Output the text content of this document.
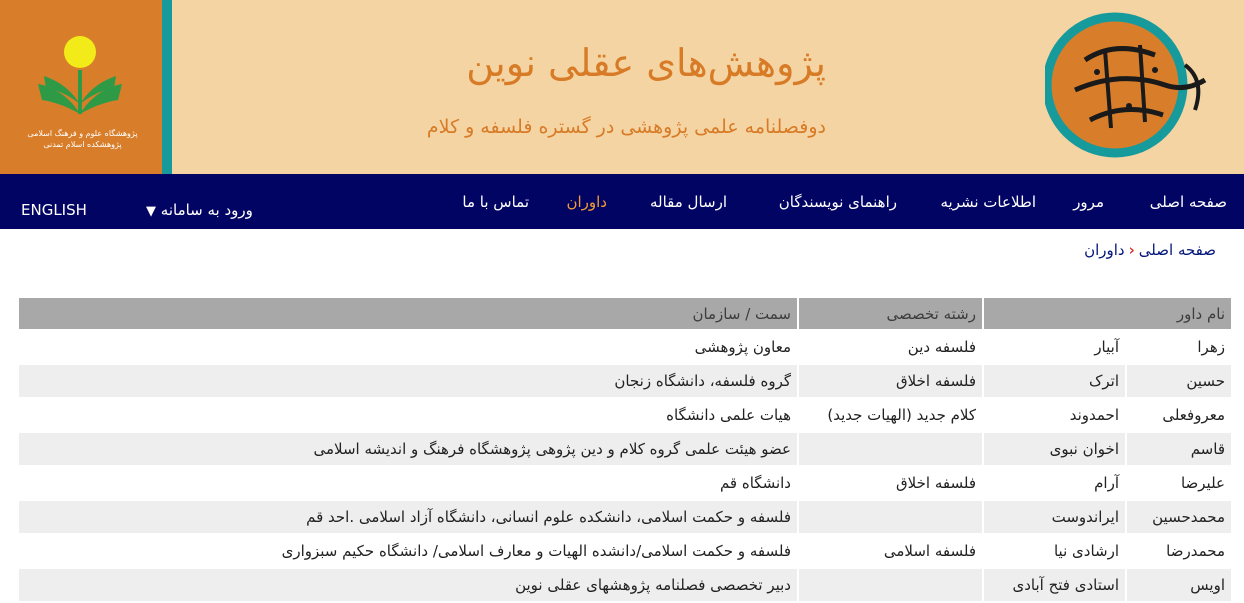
پژوهشگاه علوم و فرهنگ اسلامی
پژوهشکده اسلام تمدنی
پژوهش‌های عقلی نوین
دوفصلنامه علمی پژوهشی در گستره فلسفه و کلام
صفحه اصلی
مرور
اطلاعات نشریه
راهنمای نویسندگان
ارسال مقاله
داوران
تماس با ما
ورود به سامانه ▼
ENGLISH
صفحه اصلی‹داوران
نام داور		رشته تخصصی	سمت / سازمان
زهرا	آبیار	فلسفه دین	معاون پژوهشی
حسین	اترک	فلسفه اخلاق	گروه فلسفه، دانشگاه زنجان
معروفعلی	احمدوند	کلام جدید (الهیات جدید)	هیات علمی دانشگاه
قاسم	اخوان نبوی		عضو هیئت علمی گروه کلام و دین پژوهی پژوهشگاه فرهنگ و اندیشه اسلامی
علیرضا	آرام	فلسفه اخلاق	دانشگاه قم
محمدحسین	ایراندوست		فلسفه و حکمت اسلامی، دانشکده علوم انسانی، دانشگاه آزاد اسلامی .احد قم
محمدرضا	ارشادی نیا	فلسفه اسلامی	فلسفه و حکمت اسلامی/دانشده الهیات و معارف اسلامی/ دانشگاه حکیم سبزواری
اویس	استادی فتح آبادی		دبیر تخصصی فصلنامه پژوهشهای عقلی نوین
